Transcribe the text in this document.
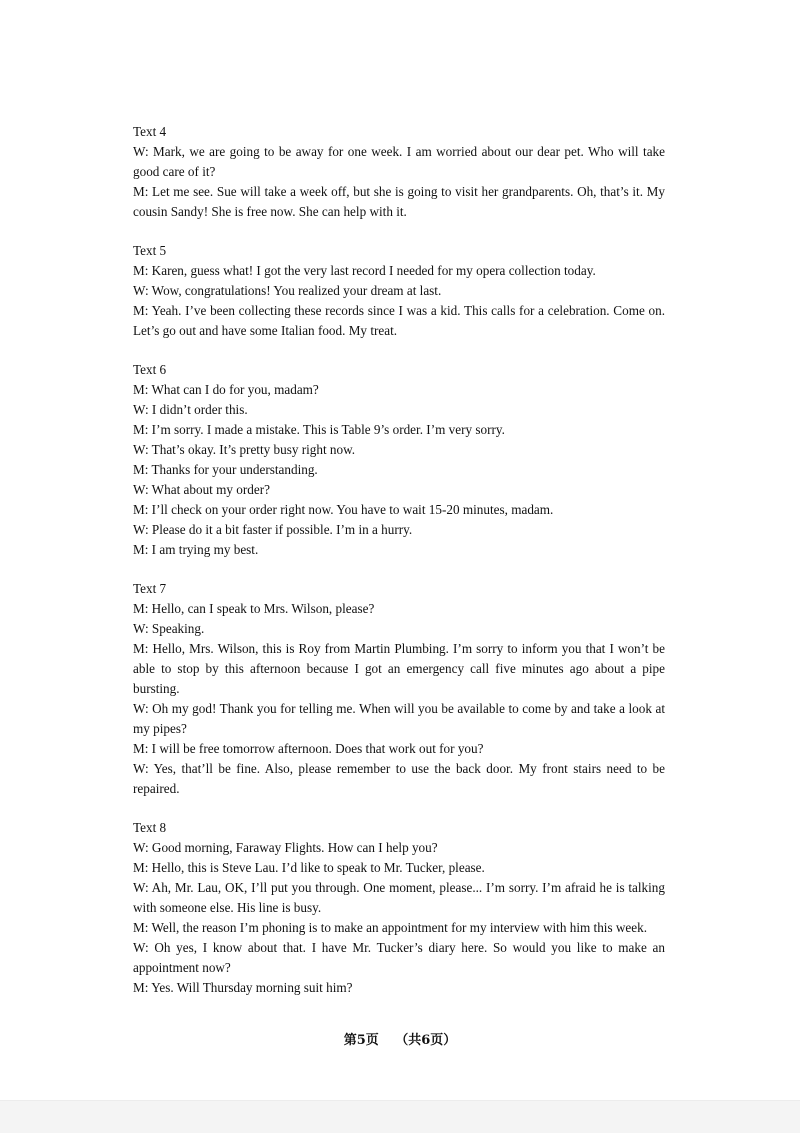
Text 4

W: Mark, we are going to be away for one week. I am worried about our dear pet. Who will take good care of it?

M: Let me see. Sue will take a week off, but she is going to visit her grandparents. Oh, that’s it. My cousin Sandy! She is free now. She can help with it.

Text 5

M: Karen, guess what! I got the very last record I needed for my opera collection today.

W: Wow, congratulations! You realized your dream at last.

M: Yeah. I’ve been collecting these records since I was a kid. This calls for a celebration. Come on. Let’s go out and have some Italian food. My treat.

Text 6

M: What can I do for you, madam?

W: I didn’t order this.

M: I’m sorry. I made a mistake. This is Table 9’s order. I’m very sorry.

W: That’s okay. It’s pretty busy right now.

M: Thanks for your understanding.

W: What about my order?

M: I’ll check on your order right now. You have to wait 15-20 minutes, madam.

W: Please do it a bit faster if possible. I’m in a hurry.

M: I am trying my best.

Text 7

M: Hello, can I speak to Mrs. Wilson, please?

W: Speaking.

M: Hello, Mrs. Wilson, this is Roy from Martin Plumbing. I’m sorry to inform you that I won’t be able to stop by this afternoon because I got an emergency call five minutes ago about a pipe bursting.

W: Oh my god! Thank you for telling me. When will you be available to come by and take a look at my pipes?

M: I will be free tomorrow afternoon. Does that work out for you?

W: Yes, that’ll be fine. Also, please remember to use the back door. My front stairs need to be repaired.

Text 8

W: Good morning, Faraway Flights. How can I help you?

M: Hello, this is Steve Lau. I’d like to speak to Mr. Tucker, please.

W: Ah, Mr. Lau, OK, I’ll put you through. One moment, please... I’m sorry. I’m afraid he is talking with someone else. His line is busy.

M: Well, the reason I’m phoning is to make an appointment for my interview with him this week.

W: Oh yes, I know about that. I have Mr. Tucker’s diary here. So would you like to make an appointment now?

M: Yes. Will Thursday morning suit him?

第5页 （共6页）
